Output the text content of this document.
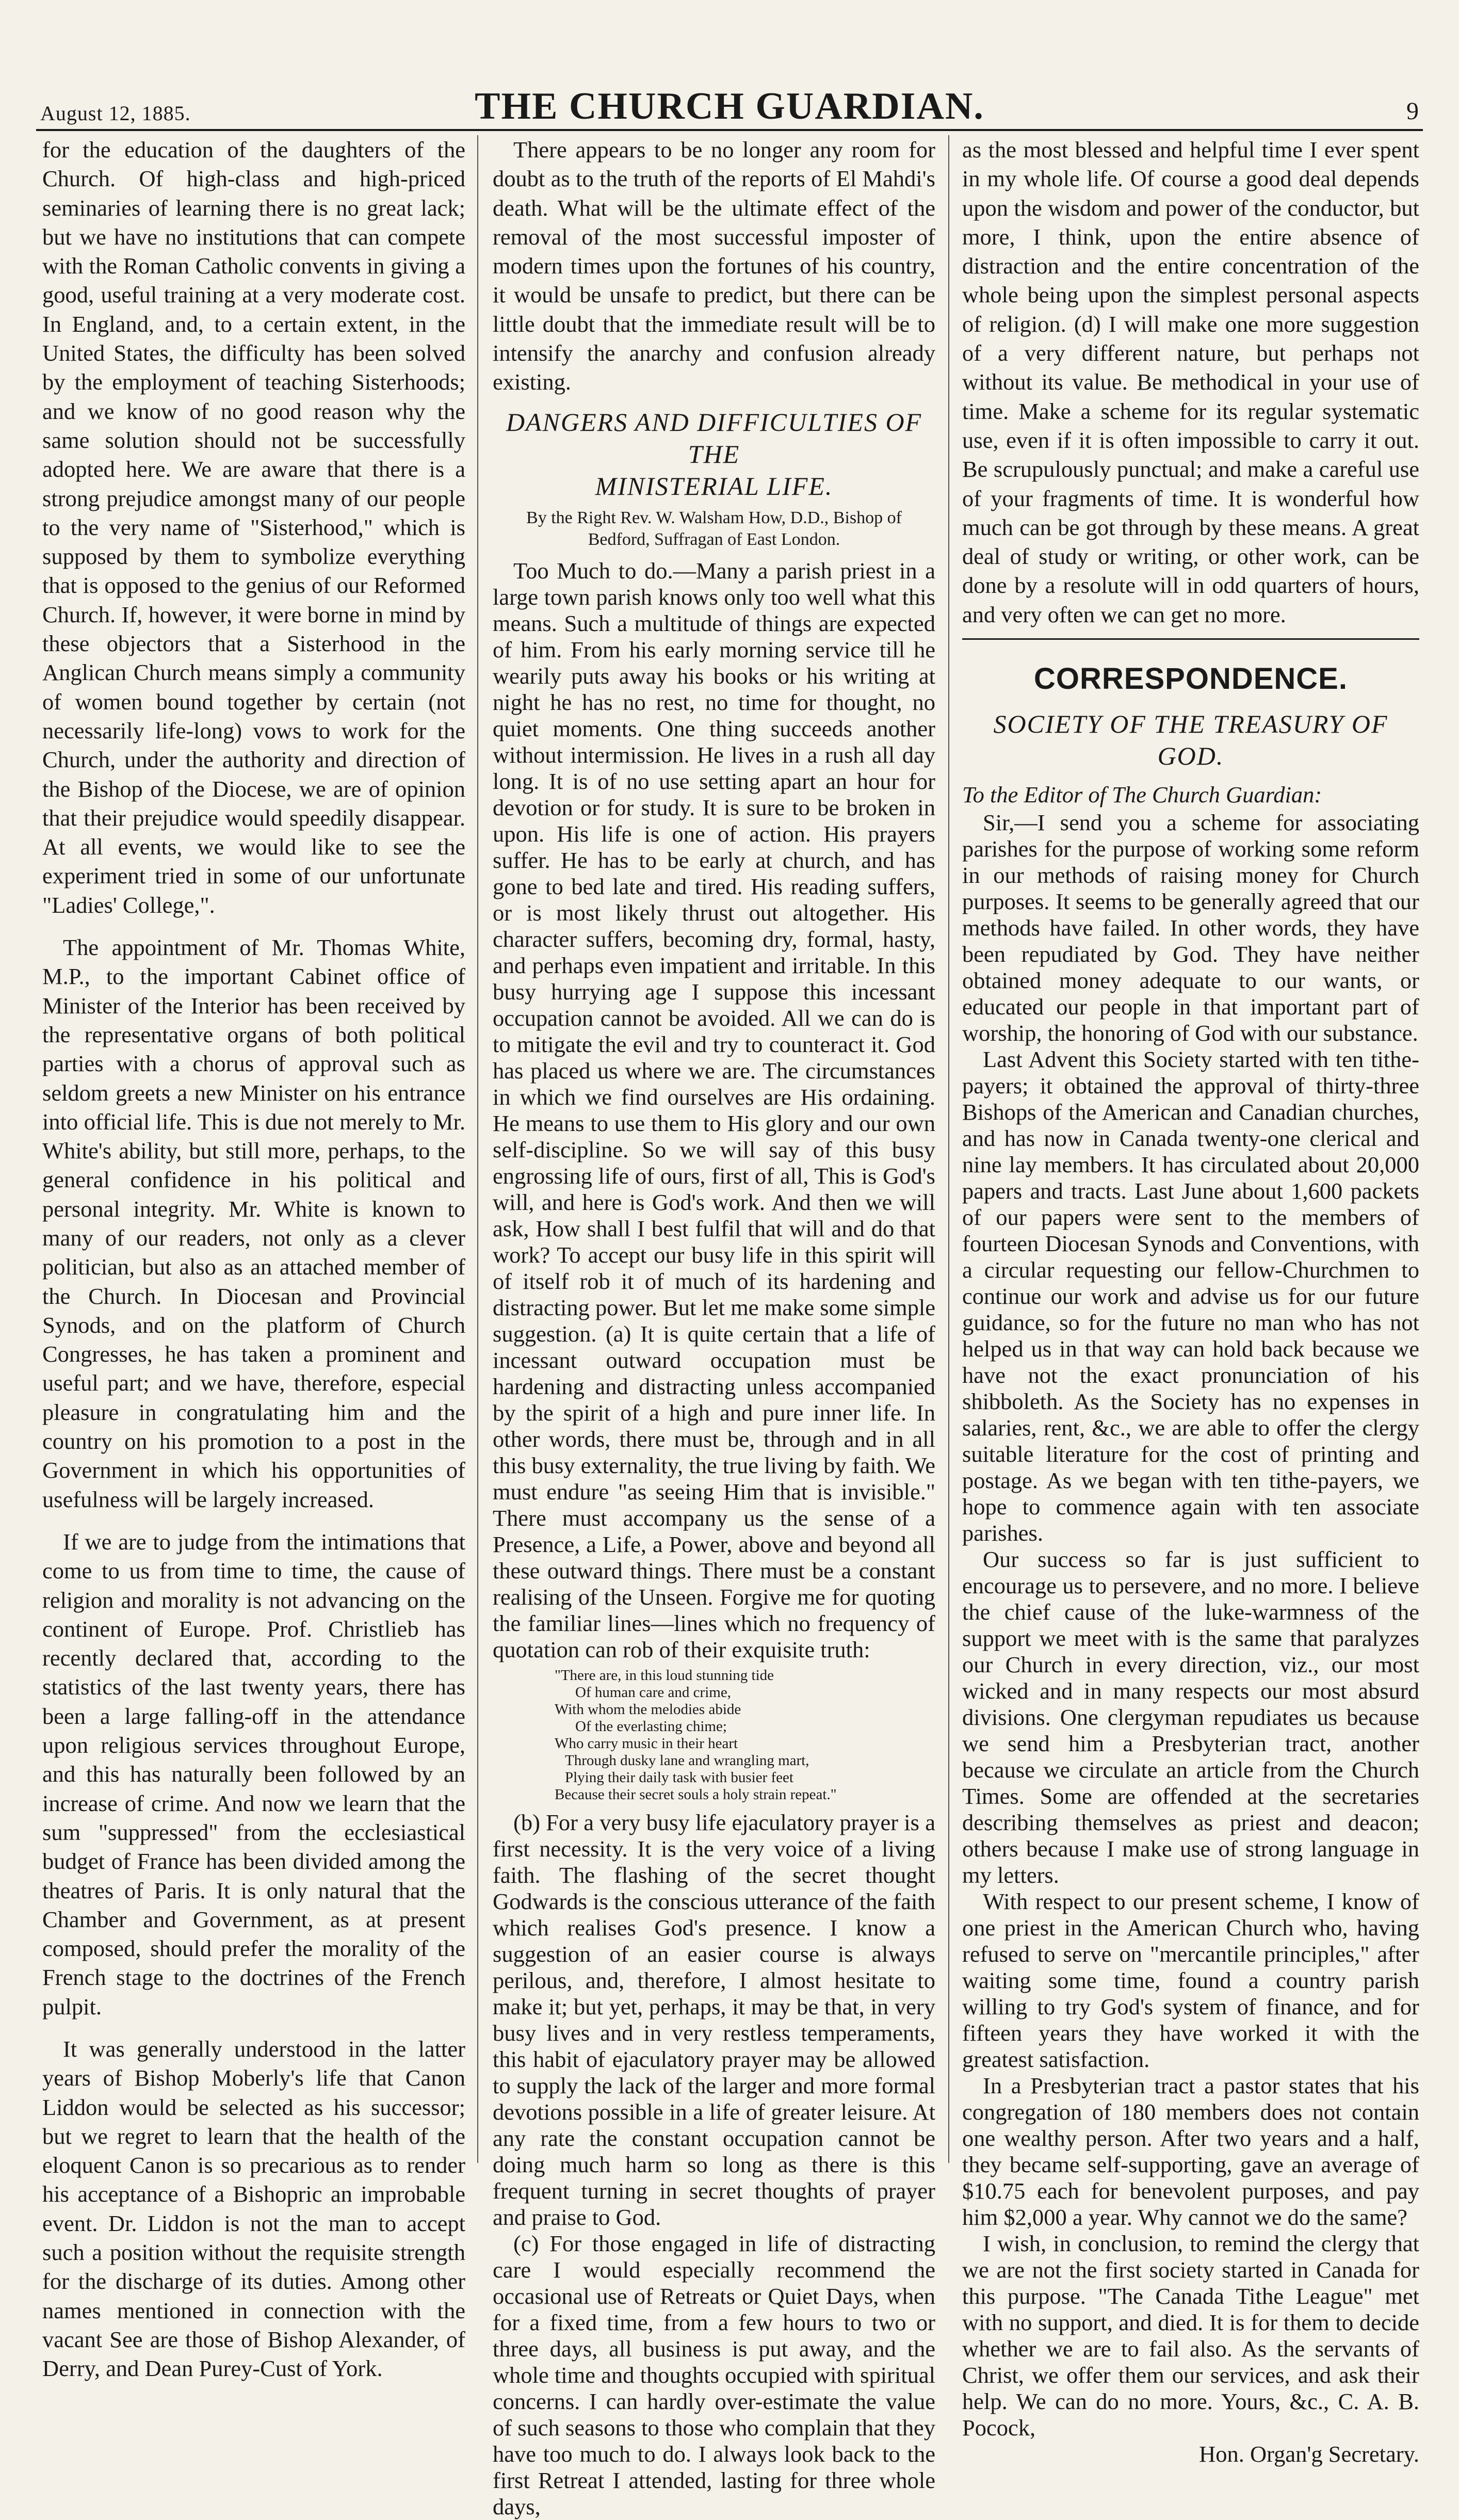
August 12, 1885.	THE CHURCH GUARDIAN.	9

for the education of the daughters of the Church. Of high-class and high-priced seminaries of learning there is no great lack; but we have no institutions that can compete with the Roman Catholic convents in giving a good, useful training at a very moderate cost. In England, and, to a certain extent, in the United States, the difficulty has been solved by the employment of teaching Sisterhoods; and we know of no good reason why the same solution should not be successfully adopted here. We are aware that there is a strong prejudice amongst many of our people to the very name of "Sisterhood," which is supposed by them to symbolize everything that is opposed to the genius of our Reformed Church. If, however, it were borne in mind by these objectors that a Sisterhood in the Anglican Church means simply a community of women bound together by certain (not necessarily life-long) vows to work for the Church, under the authority and direction of the Bishop of the Diocese, we are of opinion that their prejudice would speedily disappear. At all events, we would like to see the experiment tried in some of our unfortunate "Ladies' College,".

The appointment of Mr. Thomas White, M.P., to the important Cabinet office of Minister of the Interior has been received by the representative organs of both political parties with a chorus of approval such as seldom greets a new Minister on his entrance into official life. This is due not merely to Mr. White's ability, but still more, perhaps, to the general confidence in his political and personal integrity. Mr. White is known to many of our readers, not only as a clever politician, but also as an attached member of the Church. In Diocesan and Provincial Synods, and on the platform of Church Congresses, he has taken a prominent and useful part; and we have, therefore, especial pleasure in congratulating him and the country on his promotion to a post in the Government in which his opportunities of usefulness will be largely increased.

If we are to judge from the intimations that come to us from time to time, the cause of religion and morality is not advancing on the continent of Europe. Prof. Christlieb has recently declared that, according to the statistics of the last twenty years, there has been a large falling-off in the attendance upon religious services throughout Europe, and this has naturally been followed by an increase of crime. And now we learn that the sum "suppressed" from the ecclesiastical budget of France has been divided among the theatres of Paris. It is only natural that the Chamber and Government, as at present composed, should prefer the morality of the French stage to the doctrines of the French pulpit.

It was generally understood in the latter years of Bishop Moberly's life that Canon Liddon would be selected as his successor; but we regret to learn that the health of the eloquent Canon is so precarious as to render his acceptance of a Bishopric an improbable event. Dr. Liddon is not the man to accept such a position without the requisite strength for the discharge of its duties. Among other names mentioned in connection with the vacant See are those of Bishop Alexander, of Derry, and Dean Purey-Cust of York.

There appears to be no longer any room for doubt as to the truth of the reports of El Mahdi's death. What will be the ultimate effect of the removal of the most successful imposter of modern times upon the fortunes of his country, it would be unsafe to predict, but there can be little doubt that the immediate result will be to intensify the anarchy and confusion already existing.

DANGERS AND DIFFICULTIES OF THE
MINISTERIAL LIFE.
By the Right Rev. W. Walsham How, D.D., Bishop of
Bedford, Suffragan of East London.

Too Much to do.—Many a parish priest in a large town parish knows only too well what this means. Such a multitude of things are expected of him. From his early morning service till he wearily puts away his books or his writing at night he has no rest, no time for thought, no quiet moments. One thing succeeds another without intermission. He lives in a rush all day long. It is of no use setting apart an hour for devotion or for study. It is sure to be broken in upon. His life is one of action. His prayers suffer. He has to be early at church, and has gone to bed late and tired. His reading suffers, or is most likely thrust out altogether. His character suffers, becoming dry, formal, hasty, and perhaps even impatient and irritable. In this busy hurrying age I suppose this incessant occupation cannot be avoided. All we can do is to mitigate the evil and try to counteract it. God has placed us where we are. The circumstances in which we find ourselves are His ordaining. He means to use them to His glory and our own self-discipline. So we will say of this busy engrossing life of ours, first of all, This is God's will, and here is God's work. And then we will ask, How shall I best fulfil that will and do that work? To accept our busy life in this spirit will of itself rob it of much of its hardening and distracting power. But let me make some simple suggestion. (a) It is quite certain that a life of incessant outward occupation must be hardening and distracting unless accompanied by the spirit of a high and pure inner life. In other words, there must be, through and in all this busy externality, the true living by faith. We must endure "as seeing Him that is invisible." There must accompany us the sense of a Presence, a Life, a Power, above and beyond all these outward things. There must be a constant realising of the Unseen. Forgive me for quoting the familiar lines—lines which no frequency of quotation can rob of their exquisite truth:

"There are, in this loud stunning tide
Of human care and crime,
With whom the melodies abide
Of the everlasting chime;
Who carry music in their heart
Through dusky lane and wrangling mart,
Plying their daily task with busier feet
Because their secret souls a holy strain repeat."

(b) For a very busy life ejaculatory prayer is a first necessity. It is the very voice of a living faith. The flashing of the secret thought Godwards is the conscious utterance of the faith which realises God's presence. I know a suggestion of an easier course is always perilous, and, therefore, I almost hesitate to make it; but yet, perhaps, it may be that, in very busy lives and in very restless temperaments, this habit of ejaculatory prayer may be allowed to supply the lack of the larger and more formal devotions possible in a life of greater leisure. At any rate the constant occupation cannot be doing much harm so long as there is this frequent turning in secret thoughts of prayer and praise to God.

(c) For those engaged in life of distracting care I would especially recommend the occasional use of Retreats or Quiet Days, when for a fixed time, from a few hours to two or three days, all business is put away, and the whole time and thoughts occupied with spiritual concerns. I can hardly over-estimate the value of such seasons to those who complain that they have too much to do. I always look back to the first Retreat I attended, lasting for three whole days,

as the most blessed and helpful time I ever spent in my whole life. Of course a good deal depends upon the wisdom and power of the conductor, but more, I think, upon the entire absence of distraction and the entire concentration of the whole being upon the simplest personal aspects of religion. (d) I will make one more suggestion of a very different nature, but perhaps not without its value. Be methodical in your use of time. Make a scheme for its regular systematic use, even if it is often impossible to carry it out. Be scrupulously punctual; and make a careful use of your fragments of time. It is wonderful how much can be got through by these means. A great deal of study or writing, or other work, can be done by a resolute will in odd quarters of hours, and very often we can get no more.

CORRESPONDENCE.
SOCIETY OF THE TREASURY OF GOD.

To the Editor of The Church Guardian:

Sir,—I send you a scheme for associating parishes for the purpose of working some reform in our methods of raising money for Church purposes. It seems to be generally agreed that our methods have failed. In other words, they have been repudiated by God. They have neither obtained money adequate to our wants, or educated our people in that important part of worship, the honoring of God with our substance.

Last Advent this Society started with ten tithe-payers; it obtained the approval of thirty-three Bishops of the American and Canadian churches, and has now in Canada twenty-one clerical and nine lay members. It has circulated about 20,000 papers and tracts. Last June about 1,600 packets of our papers were sent to the members of fourteen Diocesan Synods and Conventions, with a circular requesting our fellow-Churchmen to continue our work and advise us for our future guidance, so for the future no man who has not helped us in that way can hold back because we have not the exact pronunciation of his shibboleth. As the Society has no expenses in salaries, rent, &c., we are able to offer the clergy suitable literature for the cost of printing and postage. As we began with ten tithe-payers, we hope to commence again with ten associate parishes.

Our success so far is just sufficient to encourage us to persevere, and no more. I believe the chief cause of the luke-warmness of the support we meet with is the same that paralyzes our Church in every direction, viz., our most wicked and in many respects our most absurd divisions. One clergyman repudiates us because we send him a Presbyterian tract, another because we circulate an article from the Church Times. Some are offended at the secretaries describing themselves as priest and deacon; others because I make use of strong language in my letters.

With respect to our present scheme, I know of one priest in the American Church who, having refused to serve on "mercantile principles," after waiting some time, found a country parish willing to try God's system of finance, and for fifteen years they have worked it with the greatest satisfaction.

In a Presbyterian tract a pastor states that his congregation of 180 members does not contain one wealthy person. After two years and a half, they became self-supporting, gave an average of $10.75 each for benevolent purposes, and pay him $2,000 a year. Why cannot we do the same?

I wish, in conclusion, to remind the clergy that we are not the first society started in Canada for this purpose. "The Canada Tithe League" met with no support, and died. It is for them to decide whether we are to fail also. As the servants of Christ, we offer them our services, and ask their help. We can do no more. Yours, &c., C. A. B. Pocock,

Hon. Organ'g Secretary.
